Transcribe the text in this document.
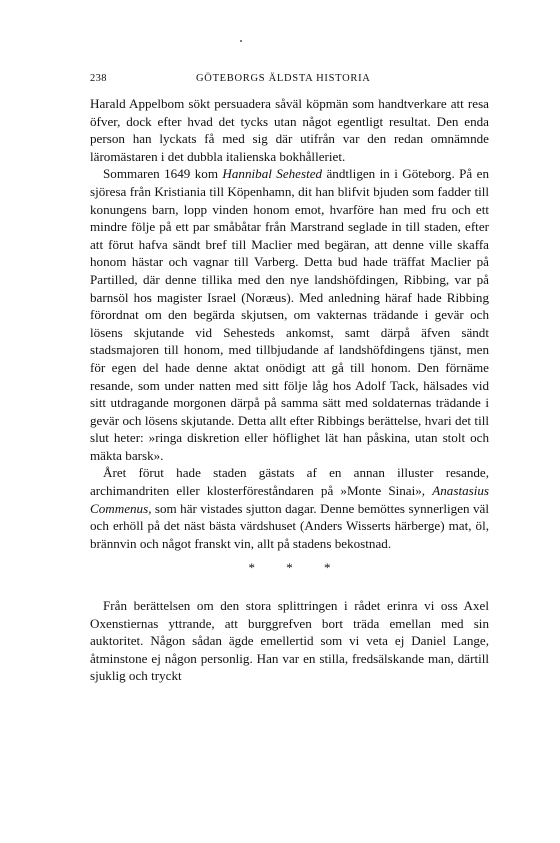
238	GÖTEBORGS ÄLDSTA HISTORIA

Harald Appelbom sökt persuadera såväl köpmän som handtverkare att resa öfver, dock efter hvad det tycks utan något egentligt resultat. Den enda person han lyckats få med sig där utifrån var den redan omnämnde läromästaren i det dubbla italienska bokhålleriet.

Sommaren 1649 kom Hannibal Sehested ändtligen in i Göteborg. På en sjöresa från Kristiania till Köpenhamn, dit han blifvit bjuden som fadder till konungens barn, lopp vinden honom emot, hvarföre han med fru och ett mindre följe på ett par småbåtar från Marstrand seglade in till staden, efter att förut hafva sändt bref till Maclier med begäran, att denne ville skaffa honom hästar och vagnar till Varberg. Detta bud hade träffat Maclier på Partilled, där denne tillika med den nye landshöfdingen, Ribbing, var på barnsöl hos magister Israel (Noræus). Med anledning häraf hade Ribbing förordnat om den begärda skjutsen, om vakternas trädande i gevär och lösens skjutande vid Sehesteds ankomst, samt därpå äfven sändt stadsmajoren till honom, med tillbjudande af landshöfdingens tjänst, men för egen del hade denne aktat onödigt att gå till honom. Den förnäme resande, som under natten med sitt följe låg hos Adolf Tack, hälsades vid sitt utdragande morgonen därpå på samma sätt med soldaternas trädande i gevär och lösens skjutande. Detta allt efter Ribbings berättelse, hvari det till slut heter: »ringa diskretion eller höflighet lät han påskina, utan stolt och mäkta barsk».

Året förut hade staden gästats af en annan illuster resande, archimandriten eller klosterföreståndaren på »Monte Sinai», Anastasius Commenus, som här vistades sjutton dagar. Denne bemöttes synnerligen väl och erhöll på det näst bästa värdshuset (Anders Wisserts härberge) mat, öl, brännvin och något franskt vin, allt på stadens bekostnad.

* * *

Från berättelsen om den stora splittringen i rådet erinra vi oss Axel Oxenstiernas yttrande, att burggrefven bort träda emellan med sin auktoritet. Någon sådan ägde emellertid som vi veta ej Daniel Lange, åtminstone ej någon personlig. Han var en stilla, fredsälskande man, därtill sjuklig och tryckt
